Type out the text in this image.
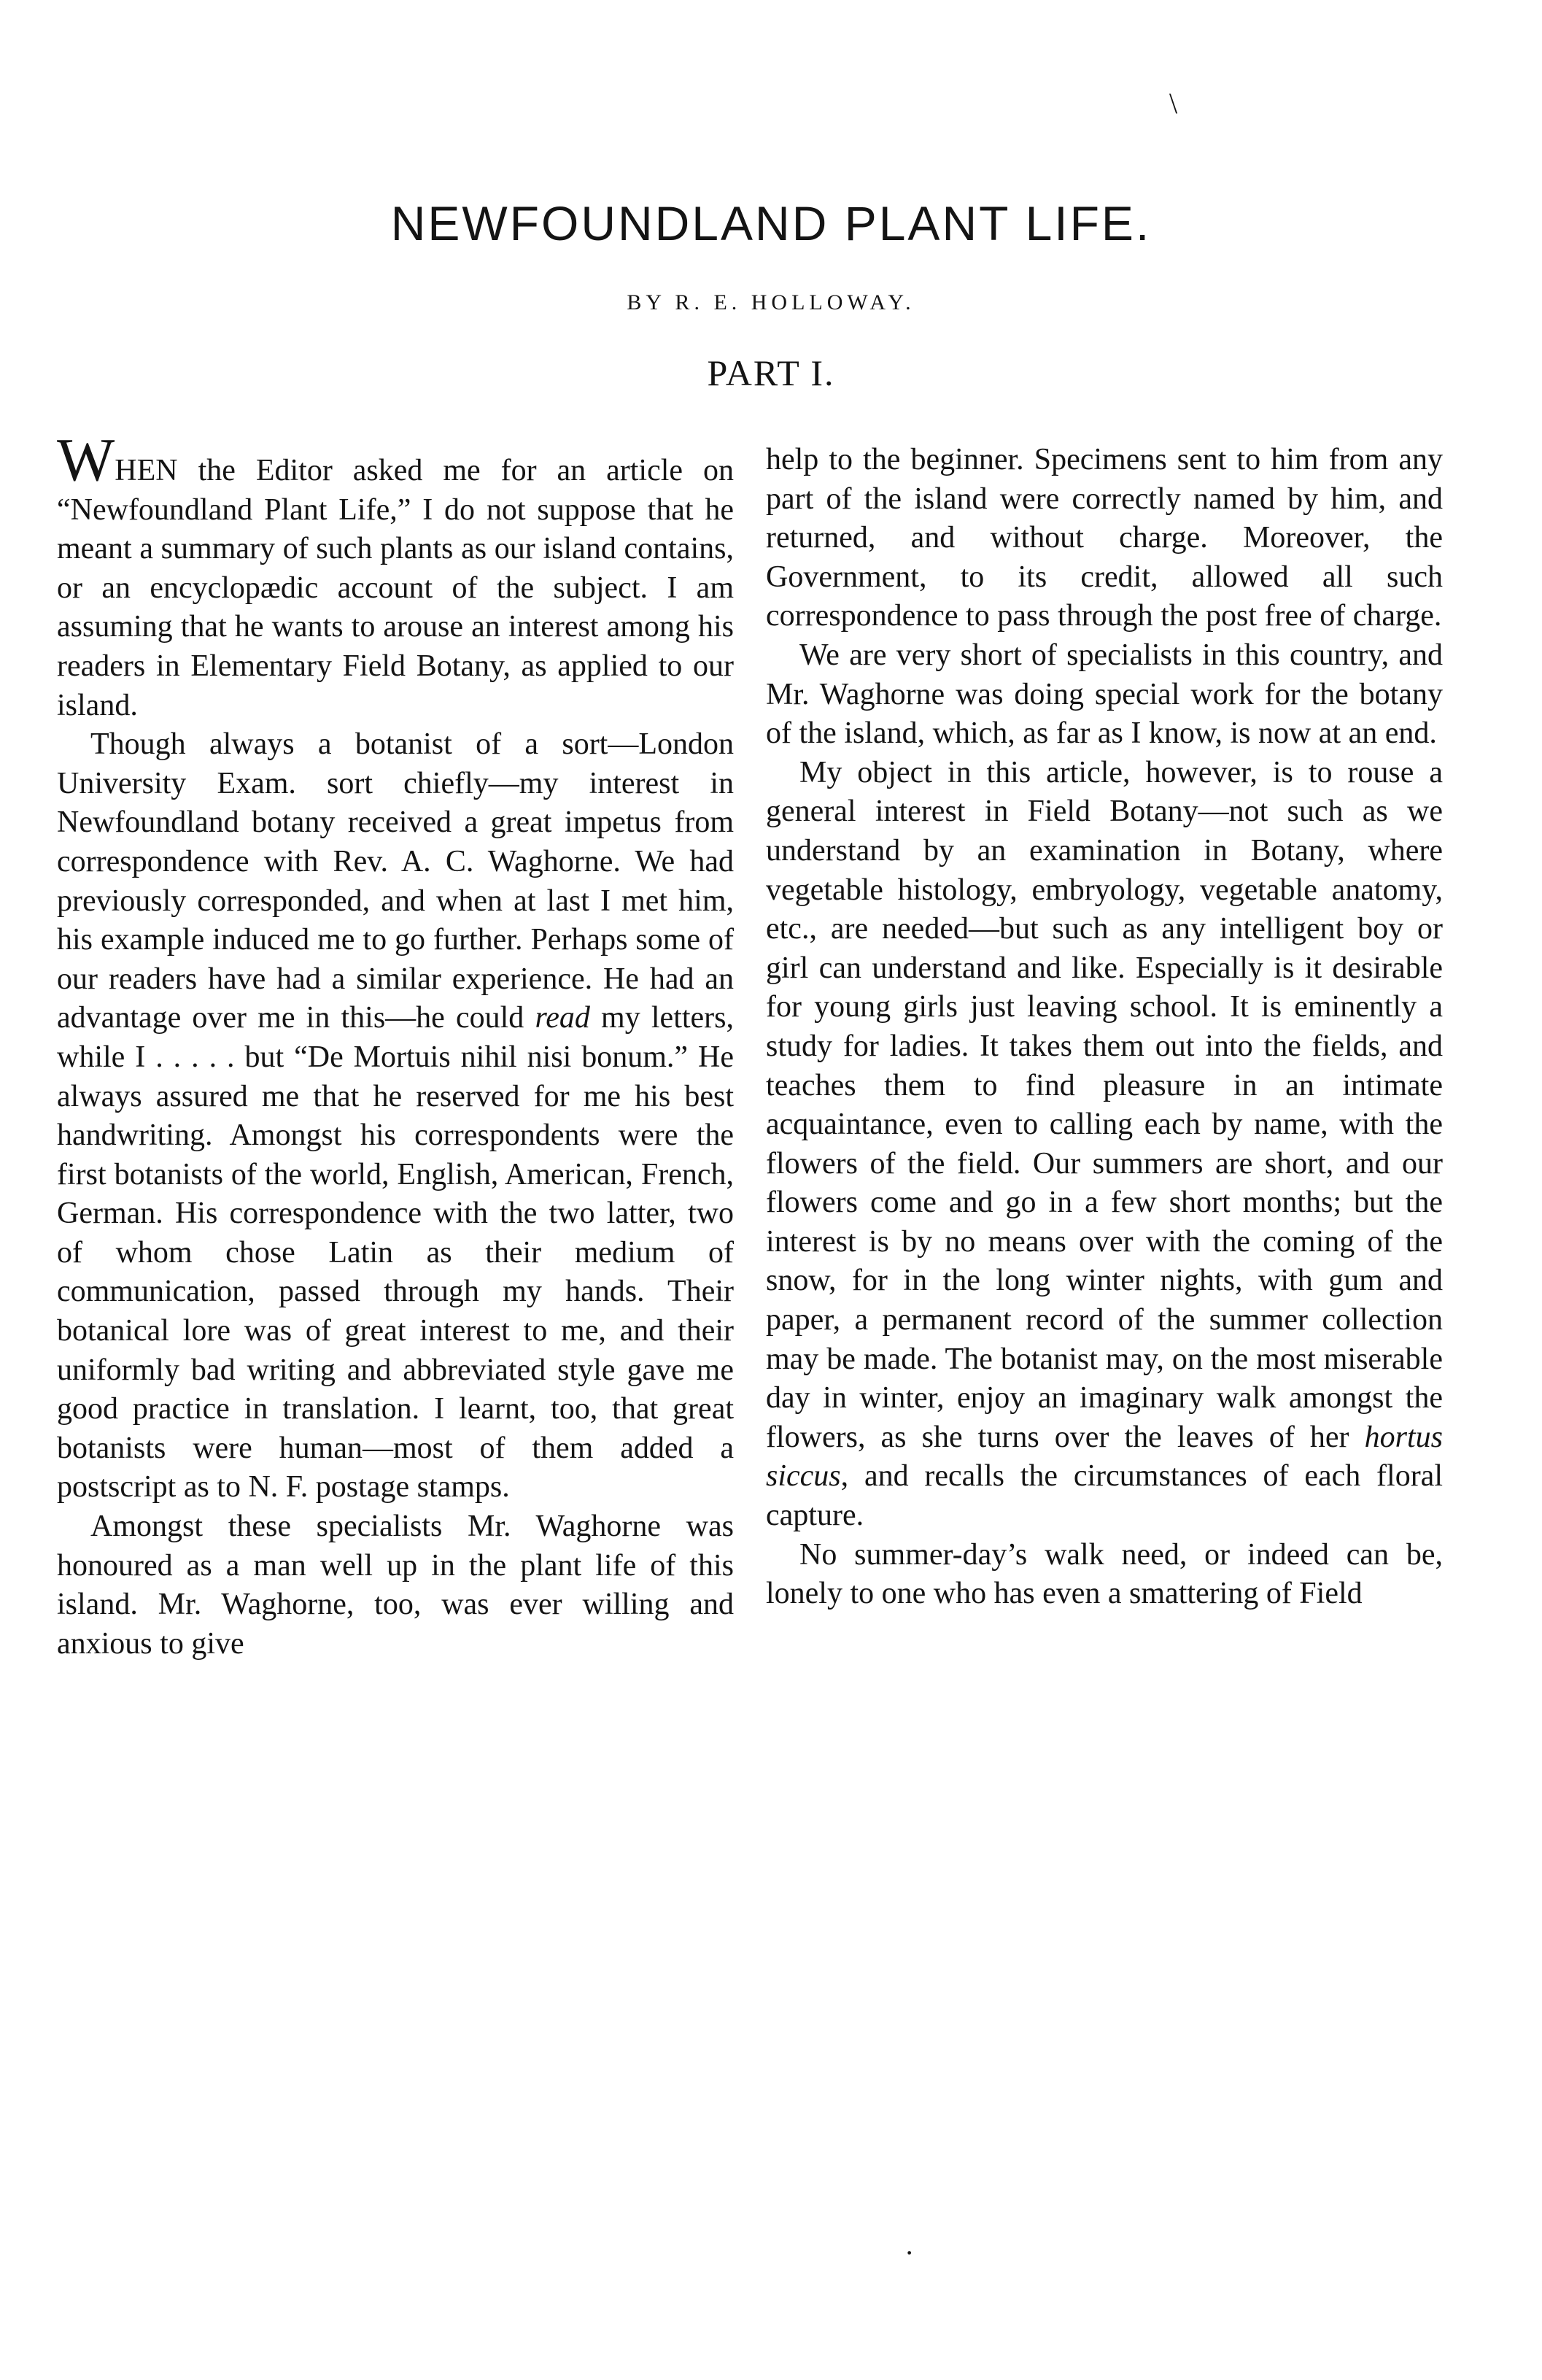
\
NEWFOUNDLAND PLANT LIFE.
BY R. E. HOLLOWAY.
PART I.

WHEN the Editor asked me for an article on “Newfoundland Plant Life,” I do not suppose that he meant a summary of such plants as our island contains, or an encyclopædic account of the subject. I am assuming that he wants to arouse an interest among his readers in Elementary Field Botany, as applied to our island.

Though always a botanist of a sort—London University Exam. sort chiefly—my interest in Newfoundland botany received a great impetus from correspondence with Rev. A. C. Waghorne. We had previously corresponded, and when at last I met him, his example induced me to go further. Perhaps some of our readers have had a similar experience. He had an advantage over me in this—he could read my letters, while I . . . . . but “De Mortuis nihil nisi bonum.” He always assured me that he reserved for me his best handwriting. Amongst his correspondents were the first botanists of the world, English, American, French, German. His correspondence with the two latter, two of whom chose Latin as their medium of communication, passed through my hands. Their botanical lore was of great interest to me, and their uniformly bad writing and abbreviated style gave me good practice in translation. I learnt, too, that great botanists were human—most of them added a postscript as to N. F. postage stamps.

Amongst these specialists Mr. Waghorne was honoured as a man well up in the plant life of this island. Mr. Waghorne, too, was ever willing and anxious to give

help to the beginner. Specimens sent to him from any part of the island were correctly named by him, and returned, and without charge. Moreover, the Government, to its credit, allowed all such correspondence to pass through the post free of charge.

We are very short of specialists in this country, and Mr. Waghorne was doing special work for the botany of the island, which, as far as I know, is now at an end.

My object in this article, however, is to rouse a general interest in Field Botany—not such as we understand by an examination in Botany, where vegetable histology, embryology, vegetable anatomy, etc., are needed—but such as any intelligent boy or girl can understand and like. Especially is it desirable for young girls just leaving school. It is eminently a study for ladies. It takes them out into the fields, and teaches them to find pleasure in an intimate acquaintance, even to calling each by name, with the flowers of the field. Our summers are short, and our flowers come and go in a few short months; but the interest is by no means over with the coming of the snow, for in the long winter nights, with gum and paper, a permanent record of the summer collection may be made. The botanist may, on the most miserable day in winter, enjoy an imaginary walk amongst the flowers, as she turns over the leaves of her hortus siccus, and recalls the circumstances of each floral capture.

No summer-day’s walk need, or indeed can be, lonely to one who has even a smattering of Field

·
